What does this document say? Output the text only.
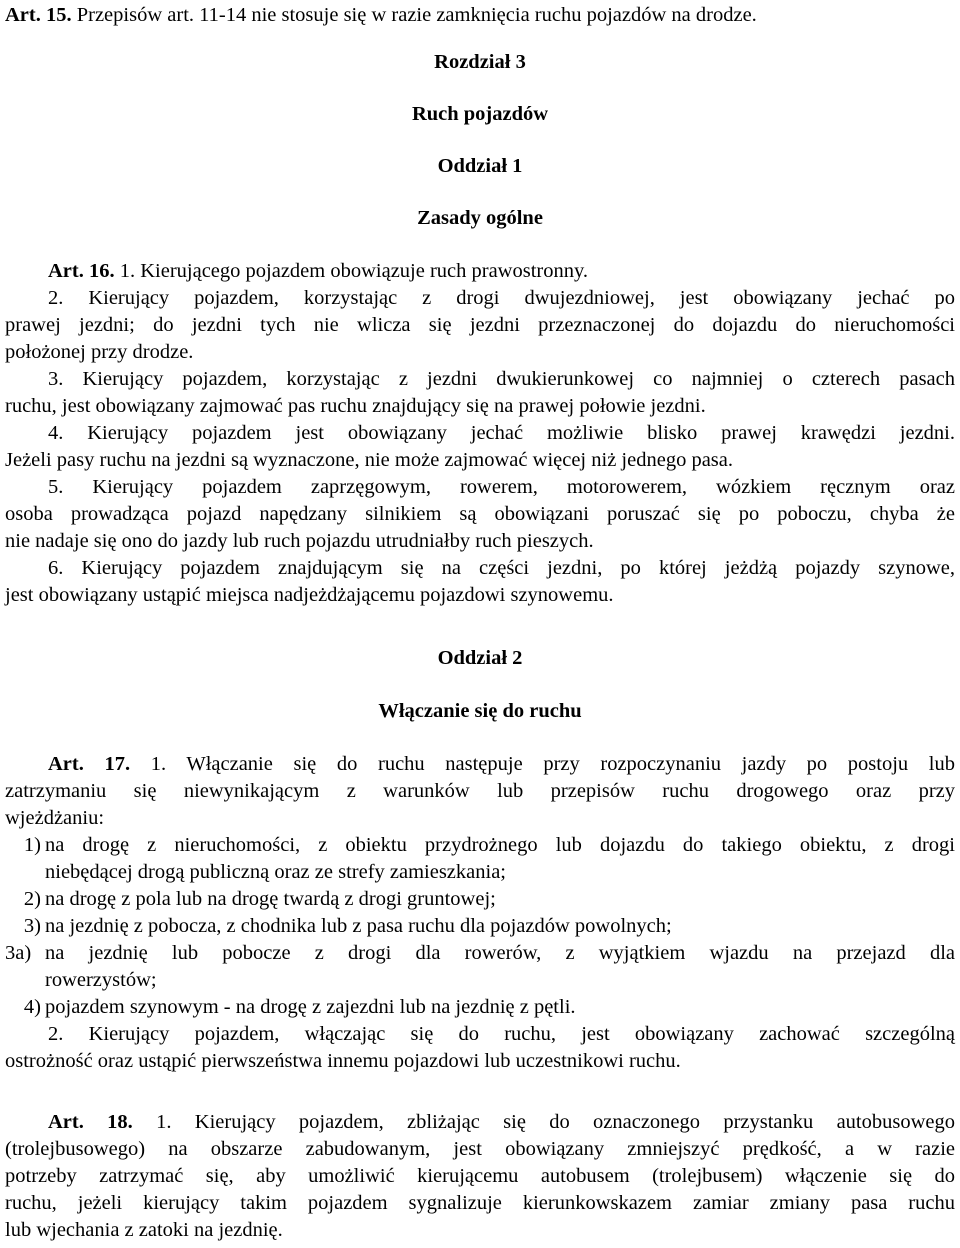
Art. 15. Przepisów art. 11-14 nie stosuje się w razie zamknięcia ruchu pojazdów na drodze.
Rozdział 3
Ruch pojazdów
Oddział 1
Zasady ogólne
Art. 16. 1. Kierującego pojazdem obowiązuje ruch prawostronny.
2. Kierujący pojazdem, korzystając z drogi dwujezdniowej, jest obowiązany jechać po
prawej jezdni; do jezdni tych nie wlicza się jezdni przeznaczonej do dojazdu do nieruchomości
położonej przy drodze.
3. Kierujący pojazdem, korzystając z jezdni dwukierunkowej co najmniej o czterech pasach
ruchu, jest obowiązany zajmować pas ruchu znajdujący się na prawej połowie jezdni.
4. Kierujący pojazdem jest obowiązany jechać możliwie blisko prawej krawędzi jezdni.
Jeżeli pasy ruchu na jezdni są wyznaczone, nie może zajmować więcej niż jednego pasa.
5. Kierujący pojazdem zaprzęgowym, rowerem, motorowerem, wózkiem ręcznym oraz
osoba prowadząca pojazd napędzany silnikiem są obowiązani poruszać się po poboczu, chyba że
nie nadaje się ono do jazdy lub ruch pojazdu utrudniałby ruch pieszych.
6. Kierujący pojazdem znajdującym się na części jezdni, po której jeżdżą pojazdy szynowe,
jest obowiązany ustąpić miejsca nadjeżdżającemu pojazdowi szynowemu.
Oddział 2
Włączanie się do ruchu
Art. 17. 1. Włączanie się do ruchu następuje przy rozpoczynaniu jazdy po postoju lub
zatrzymaniu się niewynikającym z warunków lub przepisów ruchu drogowego oraz przy
wjeżdżaniu:
1) na drogę z nieruchomości, z obiektu przydrożnego lub dojazdu do takiego obiektu, z drogi
niebędącej drogą publiczną oraz ze strefy zamieszkania;
2) na drogę z pola lub na drogę twardą z drogi gruntowej;
3) na jezdnię z pobocza, z chodnika lub z pasa ruchu dla pojazdów powolnych;
3a) na jezdnię lub pobocze z drogi dla rowerów, z wyjątkiem wjazdu na przejazd dla
rowerzystów;
4) pojazdem szynowym - na drogę z zajezdni lub na jezdnię z pętli.
2. Kierujący pojazdem, włączając się do ruchu, jest obowiązany zachować szczególną
ostrożność oraz ustąpić pierwszeństwa innemu pojazdowi lub uczestnikowi ruchu.
Art. 18. 1. Kierujący pojazdem, zbliżając się do oznaczonego przystanku autobusowego
(trolejbusowego) na obszarze zabudowanym, jest obowiązany zmniejszyć prędkość, a w razie
potrzeby zatrzymać się, aby umożliwić kierującemu autobusem (trolejbusem) włączenie się do
ruchu, jeżeli kierujący takim pojazdem sygnalizuje kierunkowskazem zamiar zmiany pasa ruchu
lub wjechania z zatoki na jezdnię.
